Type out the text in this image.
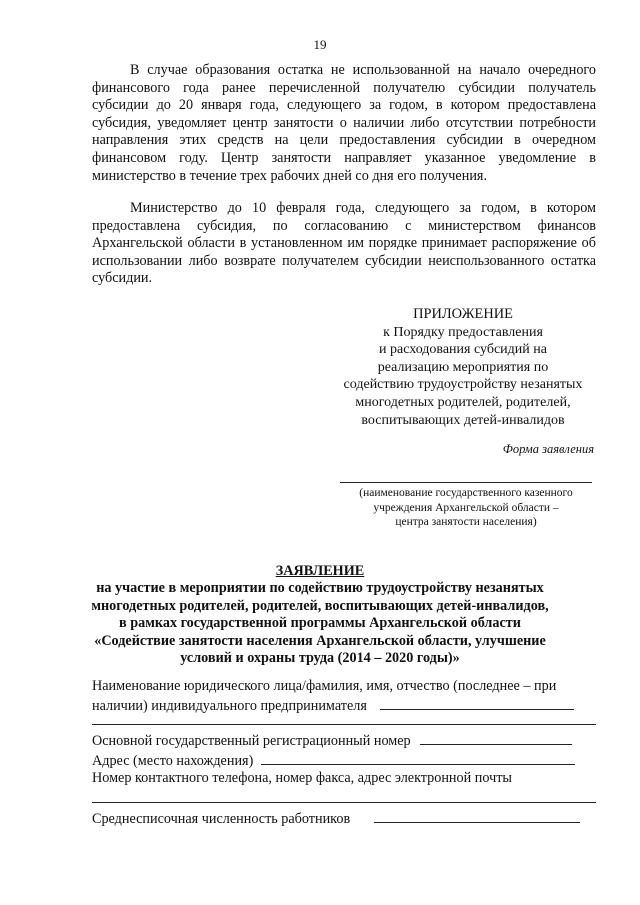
19

В случае образования остатка не использованной на начало очередного финансового года ранее перечисленной получателю субсидии получатель субсидии до 20 января года, следующего за годом, в котором предоставлена субсидия, уведомляет центр занятости о наличии либо отсутствии потребности направления этих средств на цели предоставления субсидии в очередном финансовом году. Центр занятости направляет указанное уведомление в министерство в течение трех рабочих дней со дня его получения.

Министерство до 10 февраля года, следующего за годом, в котором предоставлена субсидия, по согласованию с министерством финансов Архангельской области в установленном им порядке принимает распоряжение об использовании либо возврате получателем субсидии неиспользованного остатка субсидии.

ПРИЛОЖЕНИЕ
к Порядку предоставления
и расходования субсидий на
реализацию мероприятия по
содействию трудоустройству незанятых
многодетных родителей, родителей,
воспитывающих детей-инвалидов
Форма заявления
(наименование государственного казенного
учреждения Архангельской области –
центра занятости населения)
ЗАЯВЛЕНИЕ
на участие в мероприятии по содействию трудоустройству незанятых
многодетных родителей, родителей, воспитывающих детей-инвалидов,
в рамках государственной программы Архангельской области
«Содействие занятости населения Архангельской области, улучшение
условий и охраны труда (2014 – 2020 годы)»
Наименование юридического лица/фамилия, имя, отчество (последнее – при
наличии) индивидуального предпринимателя
Основной государственный регистрационный номер
Адрес (место нахождения)
Номер контактного телефона, номер факса, адрес электронной почты
Среднесписочная численность работников
